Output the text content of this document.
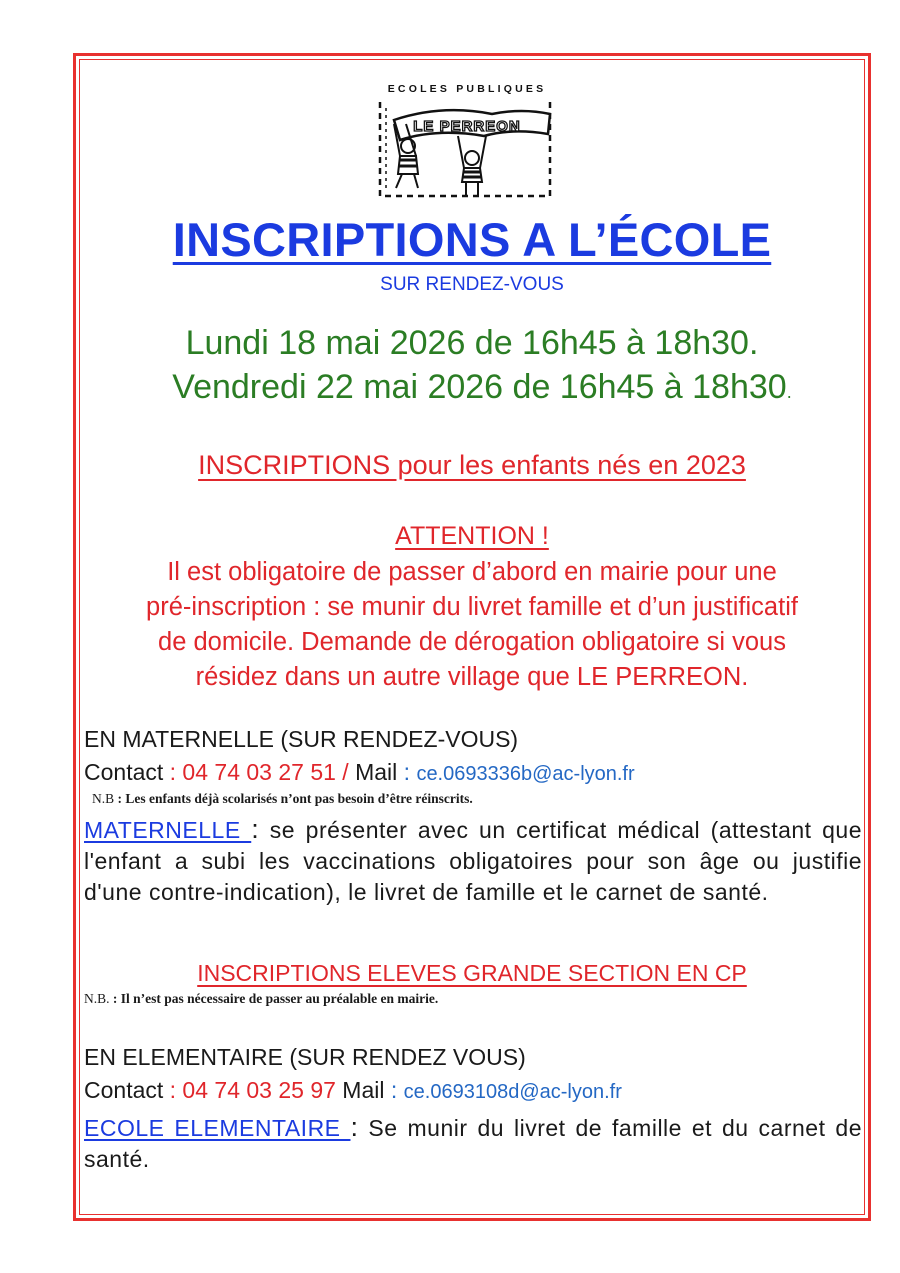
ECOLES PUBLIQUES
LE PERREON
INSCRIPTIONS A L’ÉCOLE
SUR RENDEZ-VOUS
Lundi 18 mai 2026 de 16h45 à 18h30.
Vendredi 22 mai 2026 de 16h45 à 18h30.
INSCRIPTIONS pour les enfants nés en 2023
ATTENTION !
Il est obligatoire de passer d’abord en mairie pour une
pré-inscription : se munir du livret famille et d’un justificatif
de domicile. Demande de dérogation obligatoire si vous
résidez dans un autre village que LE PERREON.
EN MATERNELLE (SUR RENDEZ-VOUS)
Contact : 04 74 03 27 51 / Mail : ce.0693336b@ac-lyon.fr
N.B : Les enfants déjà scolarisés n’ont pas besoin d’être réinscrits.
MATERNELLE : se présenter avec un certificat médical (attestant que l'enfant a subi les vaccinations obligatoires pour son âge ou justifie d'une contre-indication), le livret de famille et le carnet de santé.
INSCRIPTIONS ELEVES GRANDE SECTION EN CP
N.B. : Il n’est pas nécessaire de passer au préalable en mairie.
EN ELEMENTAIRE (SUR RENDEZ VOUS)
Contact : 04 74 03 25 97 Mail : ce.0693108d@ac-lyon.fr
ECOLE ELEMENTAIRE : Se munir du livret de famille et du carnet de santé.
